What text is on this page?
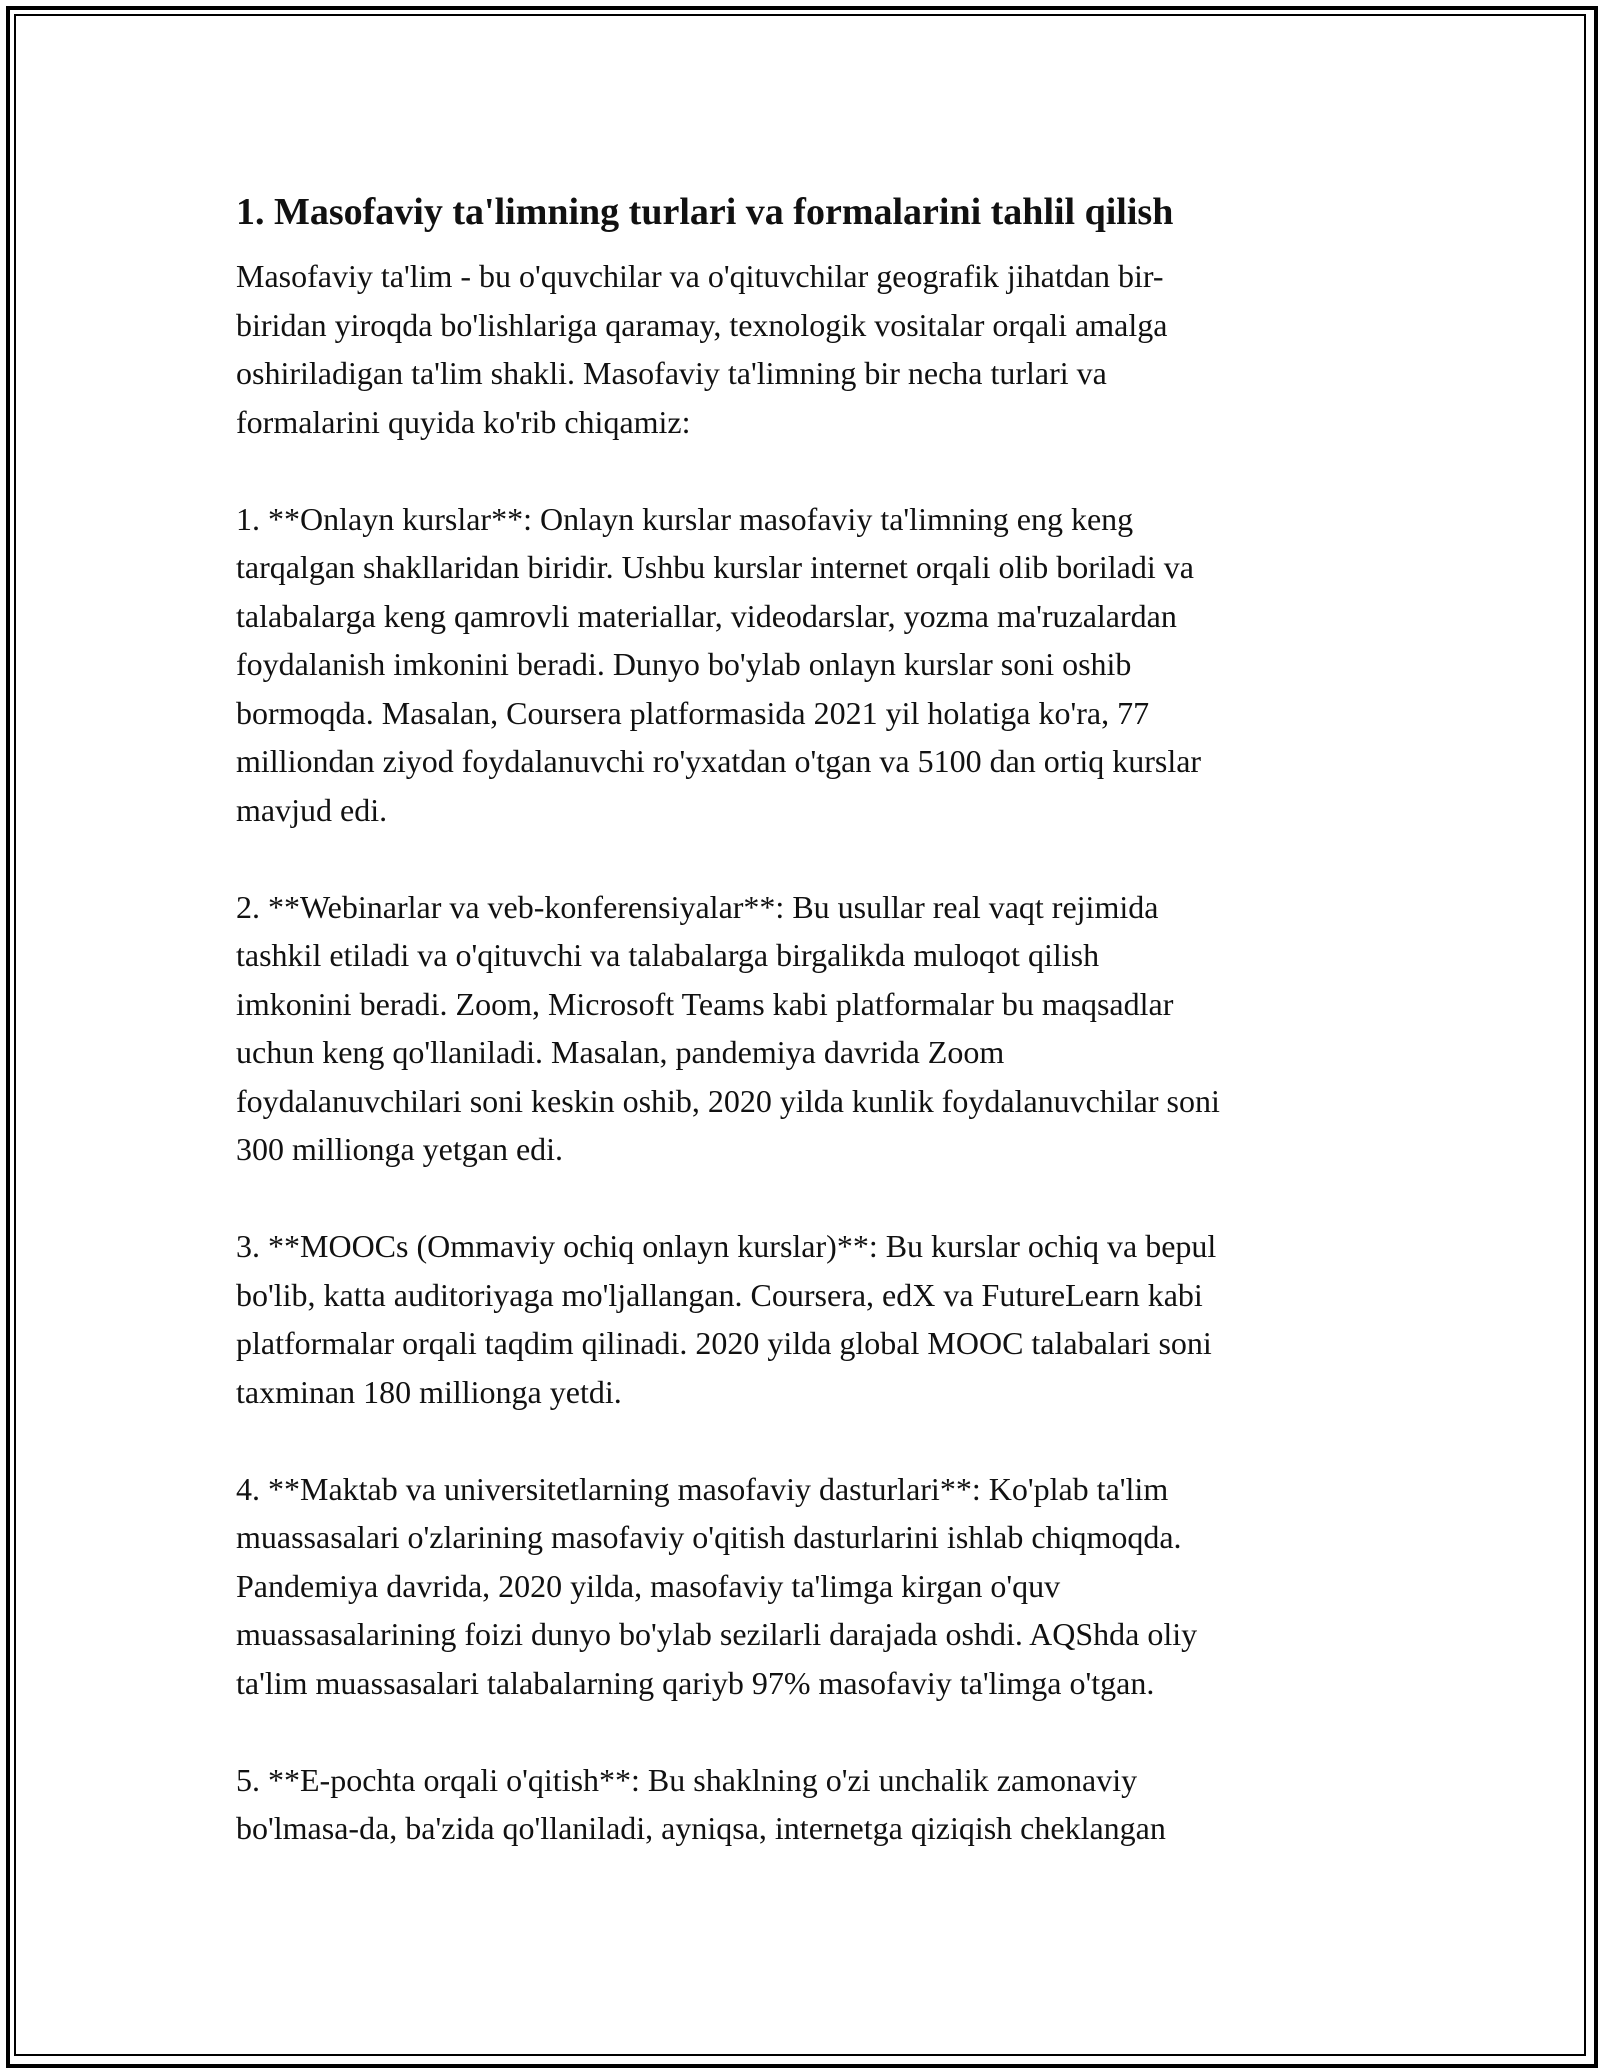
1. Masofaviy ta'limning turlari va formalarini tahlil qilish

Masofaviy ta'lim - bu o'quvchilar va o'qituvchilar geografik jihatdan bir-
biridan yiroqda bo'lishlariga qaramay, texnologik vositalar orqali amalga
oshiriladigan ta'lim shakli. Masofaviy ta'limning bir necha turlari va
formalarini quyida ko'rib chiqamiz:

1. **Onlayn kurslar**: Onlayn kurslar masofaviy ta'limning eng keng
tarqalgan shakllaridan biridir. Ushbu kurslar internet orqali olib boriladi va
talabalarga keng qamrovli materiallar, videodarslar, yozma ma'ruzalardan
foydalanish imkonini beradi. Dunyo bo'ylab onlayn kurslar soni oshib
bormoqda. Masalan, Coursera platformasida 2021 yil holatiga ko'ra, 77
milliondan ziyod foydalanuvchi ro'yxatdan o'tgan va 5100 dan ortiq kurslar
mavjud edi.

2. **Webinarlar va veb-konferensiyalar**: Bu usullar real vaqt rejimida
tashkil etiladi va o'qituvchi va talabalarga birgalikda muloqot qilish
imkonini beradi. Zoom, Microsoft Teams kabi platformalar bu maqsadlar
uchun keng qo'llaniladi. Masalan, pandemiya davrida Zoom
foydalanuvchilari soni keskin oshib, 2020 yilda kunlik foydalanuvchilar soni
300 millionga yetgan edi.

3. **MOOCs (Ommaviy ochiq onlayn kurslar)**: Bu kurslar ochiq va bepul
bo'lib, katta auditoriyaga mo'ljallangan. Coursera, edX va FutureLearn kabi
platformalar orqali taqdim qilinadi. 2020 yilda global MOOC talabalari soni
taxminan 180 millionga yetdi.

4. **Maktab va universitetlarning masofaviy dasturlari**: Ko'plab ta'lim
muassasalari o'zlarining masofaviy o'qitish dasturlarini ishlab chiqmoqda.
Pandemiya davrida, 2020 yilda, masofaviy ta'limga kirgan o'quv
muassasalarining foizi dunyo bo'ylab sezilarli darajada oshdi. AQShda oliy
ta'lim muassasalari talabalarning qariyb 97% masofaviy ta'limga o'tgan.

5. **E-pochta orqali o'qitish**: Bu shaklning o'zi unchalik zamonaviy
bo'lmasa-da, ba'zida qo'llaniladi, ayniqsa, internetga qiziqish cheklangan
